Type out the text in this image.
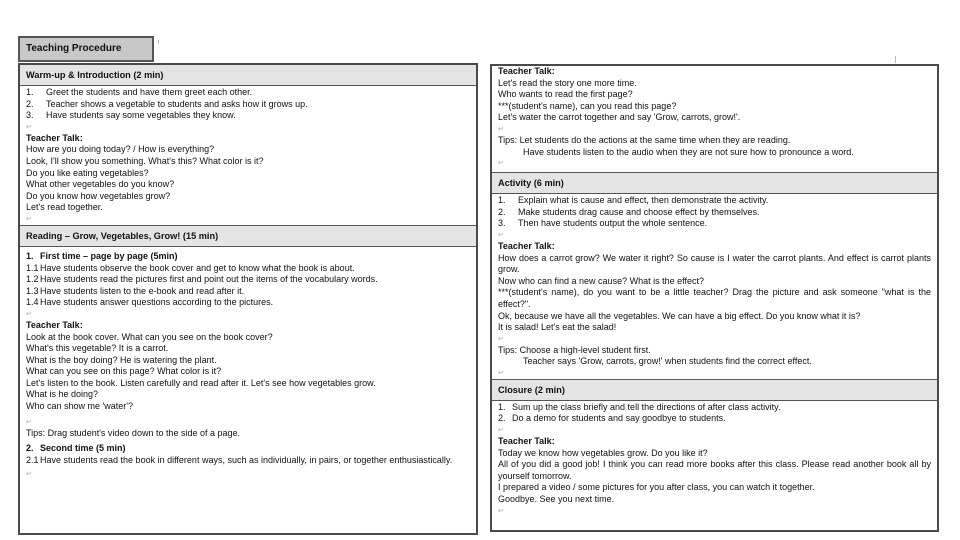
Teaching Procedure
Warm-up & Introduction (2 min)
1.	Greet the students and have them greet each other.
2.	Teacher shows a vegetable to students and asks how it grows up.
3.	Have students say some vegetables they know.
↵
Teacher Talk:
How are you doing today? / How is everything?
Look, I'll show you something. What's this? What color is it?
Do you like eating vegetables?
What other vegetables do you know?
Do you know how vegetables grow?
Let's read together.
↵
Reading – Grow, Vegetables, Grow! (15 min)
1. First time – page by page (5min)
1.1 Have students observe the book cover and get to know what the book is about.
1.2 Have students read the pictures first and point out the items of the vocabulary words.
1.3 Have students listen to the e-book and read after it.
1.4 Have students answer questions according to the pictures.
↵
Teacher Talk:
Look at the book cover. What can you see on the book cover?
What's this vegetable? It is a carrot.
What is the boy doing? He is watering the plant.
What can you see on this page? What color is it?
Let's listen to the book. Listen carefully and read after it. Let's see how vegetables grow.
What is he doing?
Who can show me 'water'?
↵
Tips: Drag student's video down to the side of a page.
2. Second time (5 min)
2.1 Have students read the book in different ways, such as individually, in pairs, or together enthusiastically.
↵
Teacher Talk:
Let's read the story one more time.
Who wants to read the first page?
***(student's name), can you read this page?
Let's water the carrot together and say 'Grow, carrots, grow!'.
↵
Tips: Let students do the actions at the same time when they are reading.
Have students listen to the audio when they are not sure how to pronounce a word.
↵
Activity (6 min)
1.	Explain what is cause and effect, then demonstrate the activity.
2.	Make students drag cause and choose effect by themselves.
3.	Then have students output the whole sentence.
↵
Teacher Talk:
How does a carrot grow? We water it right? So cause is I water the carrot plants. And effect is carrot plants grow.
Now who can find a new cause? What is the effect?
***(student's name), do you want to be a little teacher? Drag the picture and ask someone "what is the effect?".
Ok, because we have all the vegetables. We can have a big effect. Do you know what it is?
It is salad! Let's eat the salad!
↵
Tips: Choose a high-level student first.
Teacher says 'Grow, carrots, grow!' when students find the correct effect.
↵
Closure (2 min)
1. Sum up the class briefly and tell the directions of after class activity.
2. Do a demo for students and say goodbye to students.
↵
Teacher Talk:
Today we know how vegetables grow. Do you like it?
All of you did a good job! I think you can read more books after this class. Please read another book all by yourself tomorrow.
I prepared a video / some pictures for you after class, you can watch it together.
Goodbye. See you next time.
↵
